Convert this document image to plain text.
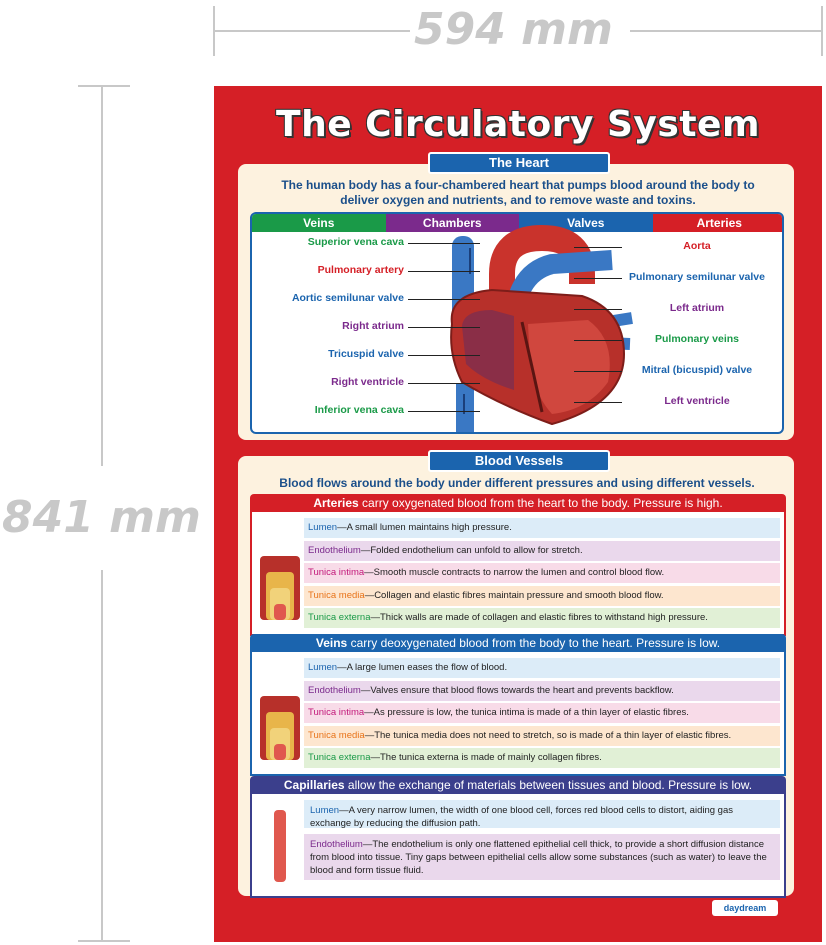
594 mm
841 mm
The Circulatory System
The Heart
The human body has a four-chambered heart that pumps blood around the body to deliver oxygen and nutrients, and to remove waste and toxins.
Veins	Chambers	Valves	Arteries
Superior vena cava
Pulmonary artery
Aortic semilunar valve
Right atrium
Tricuspid valve
Right ventricle
Inferior vena cava
Aorta
Pulmonary semilunar valve
Left atrium
Pulmonary veins
Mitral (bicuspid) valve
Left ventricle
Blood Vessels
Blood flows around the body under different pressures and using different vessels.
Arteries carry oxygenated blood from the heart to the body. Pressure is high.
Lumen—A small lumen maintains high pressure.
Endothelium—Folded endothelium can unfold to allow for stretch.
Tunica intima—Smooth muscle contracts to narrow the lumen and control blood flow.
Tunica media—Collagen and elastic fibres maintain pressure and smooth blood flow.
Tunica externa—Thick walls are made of collagen and elastic fibres to withstand high pressure.
Veins carry deoxygenated blood from the body to the heart. Pressure is low.
Lumen—A large lumen eases the flow of blood.
Endothelium—Valves ensure that blood flows towards the heart and prevents backflow.
Tunica intima—As pressure is low, the tunica intima is made of a thin layer of elastic fibres.
Tunica media—The tunica media does not need to stretch, so is made of a thin layer of elastic fibres.
Tunica externa—The tunica externa is made of mainly collagen fibres.
Capillaries allow the exchange of materials between tissues and blood. Pressure is low.
Lumen—A very narrow lumen, the width of one blood cell, forces red blood cells to distort, aiding gas exchange by reducing the diffusion path.
Endothelium—The endothelium is only one flattened epithelial cell thick, to provide a short diffusion distance from blood into tissue. Tiny gaps between epithelial cells allow some substances (such as water) to leave the blood and form tissue fluid.
daydream
